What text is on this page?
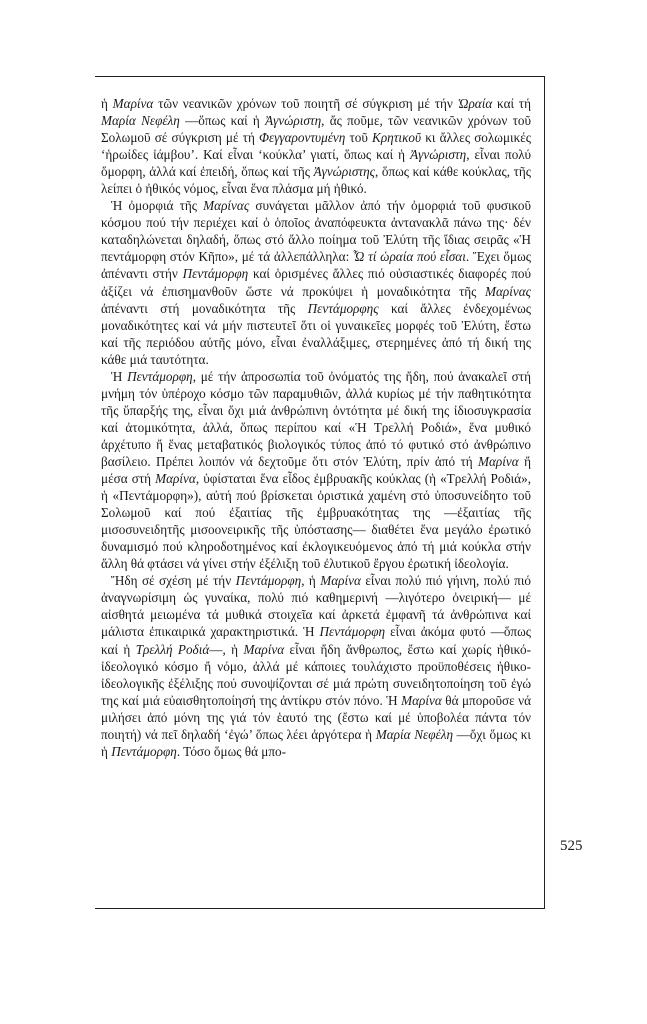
ἡ Μαρίνα τῶν νεανικῶν χρόνων τοῦ ποιητῆ σέ σύγκριση μέ τήν Ὡραία καί τή Μαρία Νεφέλη —ὅπως καί ἡ Ἀγνώριστη, ἄς ποῦμε, τῶν νεανικῶν χρόνων τοῦ Σολωμοῦ σέ σύγκριση μέ τή Φεγγαροντυμένη τοῦ Κρητικοῦ κι ἄλλες σολωμικές ‘ἡρωίδες ἰάμβου’. Καί εἶναι ‘κούκλα’ γιατί, ὅπως καί ἡ Ἀγνώριστη, εἶναι πολύ ὄμορφη, ἀλλά καί ἐπειδή, ὅπως καί τῆς Ἀγνώριστης, ὅπως καί κάθε κούκλας, τῆς λείπει ὁ ἠθικός νόμος, εἶναι ἕνα πλάσμα μή ἠθικό.

Ἡ ὀμορφιά τῆς Μαρίνας συνάγεται μᾶλλον ἀπό τήν ὀμορφιά τοῦ φυσικοῦ κόσμου πού τήν περιέχει καί ὁ ὁποῖος ἀναπόφευκτα ἀντανακλᾶ πάνω της· δέν καταδηλώνεται δηλαδή, ὅπως στό ἄλλο ποίημα τοῦ Ἐλύτη τῆς ἴδιας σειρᾶς «Ἡ πεντάμορφη στόν Κῆπο», μέ τά ἀλλεπάλληλα: Ὦ τί ὡραία πού εἶσαι. Ἔχει ὅμως ἀπέναντι στήν Πεντάμορφη καί ὁρισμένες ἄλλες πιό οὐσιαστικές διαφορές πού ἀξίζει νά ἐπισημανθοῦν ὥστε νά προκύψει ἡ μοναδικότητα τῆς Μαρίνας ἀπέναντι στή μοναδικότητα τῆς Πεντάμορφης καί ἄλλες ἐνδεχομένως μοναδικότητες καί νά μήν πιστευτεῖ ὅτι οἱ γυναικεῖες μορφές τοῦ Ἐλύτη, ἔστω καί τῆς περιόδου αὐτῆς μόνο, εἶναι ἐναλλάξιμες, στερημένες ἀπό τή δική της κάθε μιά ταυτότητα.

Ἡ Πεντάμορφη, μέ τήν ἀπροσωπία τοῦ ὀνόματός της ἤδη, πού ἀνακαλεῖ στή μνήμη τόν ὑπέροχο κόσμο τῶν παραμυθιῶν, ἀλλά κυρίως μέ τήν παθητικότητα τῆς ὕπαρξής της, εἶναι ὄχι μιά ἀνθρώπινη ὀντότητα μέ δική της ἰδιοσυγκρασία καί ἀτομικότητα, ἀλλά, ὅπως περίπου καί «Ἡ Τρελλή Ροδιά», ἕνα μυθικό ἀρχέτυπο ἤ ἕνας μεταβατικός βιολογικός τύπος ἀπό τό φυτικό στό ἀνθρώπινο βασίλειο. Πρέπει λοιπόν νά δεχτοῦμε ὅτι στόν Ἐλύτη, πρίν ἀπό τή Μαρίνα ἤ μέσα στή Μαρίνα, ὑφίσταται ἕνα εἶδος ἐμβρυακῆς κούκλας (ἡ «Τρελλή Ροδιά», ἡ «Πεντάμορφη»), αὐτή πού βρίσκεται ὁριστικά χαμένη στό ὑποσυνείδητο τοῦ Σολωμοῦ καί πού ἐξαιτίας τῆς ἐμβρυακότητας της —ἐξαιτίας τῆς μισοσυνειδητῆς μισοονειρικῆς τῆς ὑπόστασης— διαθέτει ἕνα μεγάλο ἐρωτικό δυναμισμό πού κληροδοτημένος καί ἐκλογικευόμενος ἀπό τή μιά κούκλα στήν ἄλλη θά φτάσει νά γίνει στήν ἐξέλιξη τοῦ ἐλυτικοῦ ἔργου ἐρωτική ἰδεολογία.

Ἤδη σέ σχέση μέ τήν Πεντάμορφη, ἡ Μαρίνα εἶναι πολύ πιό γήινη, πολύ πιό ἀναγνωρίσιμη ὡς γυναίκα, πολύ πιό καθημερινή —λιγότερο ὀνειρική— μέ αἰσθητά μειωμένα τά μυθικά στοιχεῖα καί ἀρκετά ἐμφανῆ τά ἀνθρώπινα καί μάλιστα ἐπικαιρικά χαρακτηριστικά. Ἡ Πεντάμορφη εἶναι ἀκόμα φυτό —ὅπως καί ἡ Τρελλή Ροδιά—, ἡ Μαρίνα εἶναι ἤδη ἄνθρωπος, ἔστω καί χωρίς ἠθικό-ἰδεολογικό κόσμο ἤ νόμο, ἀλλά μέ κάποιες τουλάχιστο προϋποθέσεις ἠθικο-ἰδεολογικῆς ἐξέλιξης πού συνοψίζονται σέ μιά πρώτη συνειδητοποίηση τοῦ ἐγώ της καί μιά εὐαισθητοποίησή της ἀντίκρυ στόν πόνο. Ἡ Μαρίνα θά μποροῦσε νά μιλήσει ἀπό μόνη της γιά τόν ἑαυτό της (ἔστω καί μέ ὑποβολέα πάντα τόν ποιητή) νά πεῖ δηλαδή ‘ἐγώ’ ὅπως λέει ἀργότερα ἡ Μαρία Νεφέλη —ὄχι ὅμως κι ἡ Πεντάμορφη. Τόσο ὅμως θά μπο-

525
